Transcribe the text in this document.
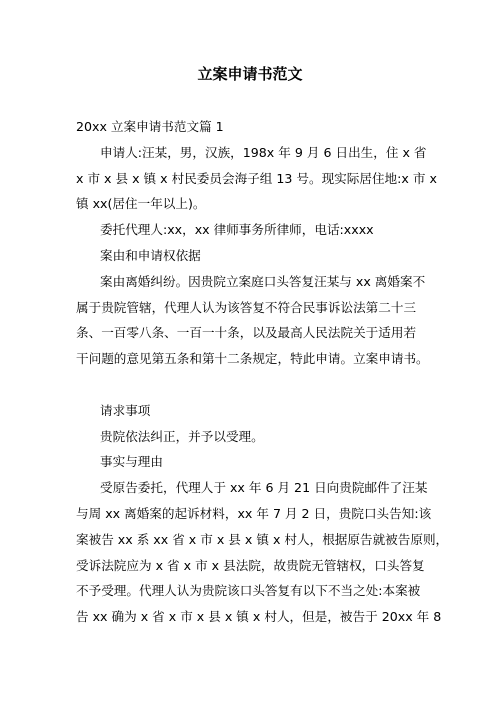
立案申请书范文
20xx 立案申请书范文篇 1
申请人:汪某，男，汉族，198x 年 9 月 6 日出生，住 x 省
x 市 x 县 x 镇 x 村民委员会海子组 13 号。现实际居住地:x 市 x
镇 xx(居住一年以上)。
委托代理人:xx，xx 律师事务所律师，电话:xxxx
案由和申请权依据
案由离婚纠纷。因贵院立案庭口头答复汪某与 xx 离婚案不
属于贵院管辖，代理人认为该答复不符合民事诉讼法第二十三
条、一百零八条、一百一十条，以及最高人民法院关于适用若
干问题的意见第五条和第十二条规定，特此申请。立案申请书。
请求事项
贵院依法纠正，并予以受理。
事实与理由
受原告委托，代理人于 xx 年 6 月 21 日向贵院邮件了汪某
与周 xx 离婚案的起诉材料，xx 年 7 月 2 日，贵院口头告知:该
案被告 xx 系 xx 省 x 市 x 县 x 镇 x 村人，根据原告就被告原则，
受诉法院应为 x 省 x 市 x 县法院，故贵院无管辖权，口头答复
不予受理。代理人认为贵院该口头答复有以下不当之处:本案被
告 xx 确为 x 省 x 市 x 县 x 镇 x 村人，但是，被告于 20xx 年 8
